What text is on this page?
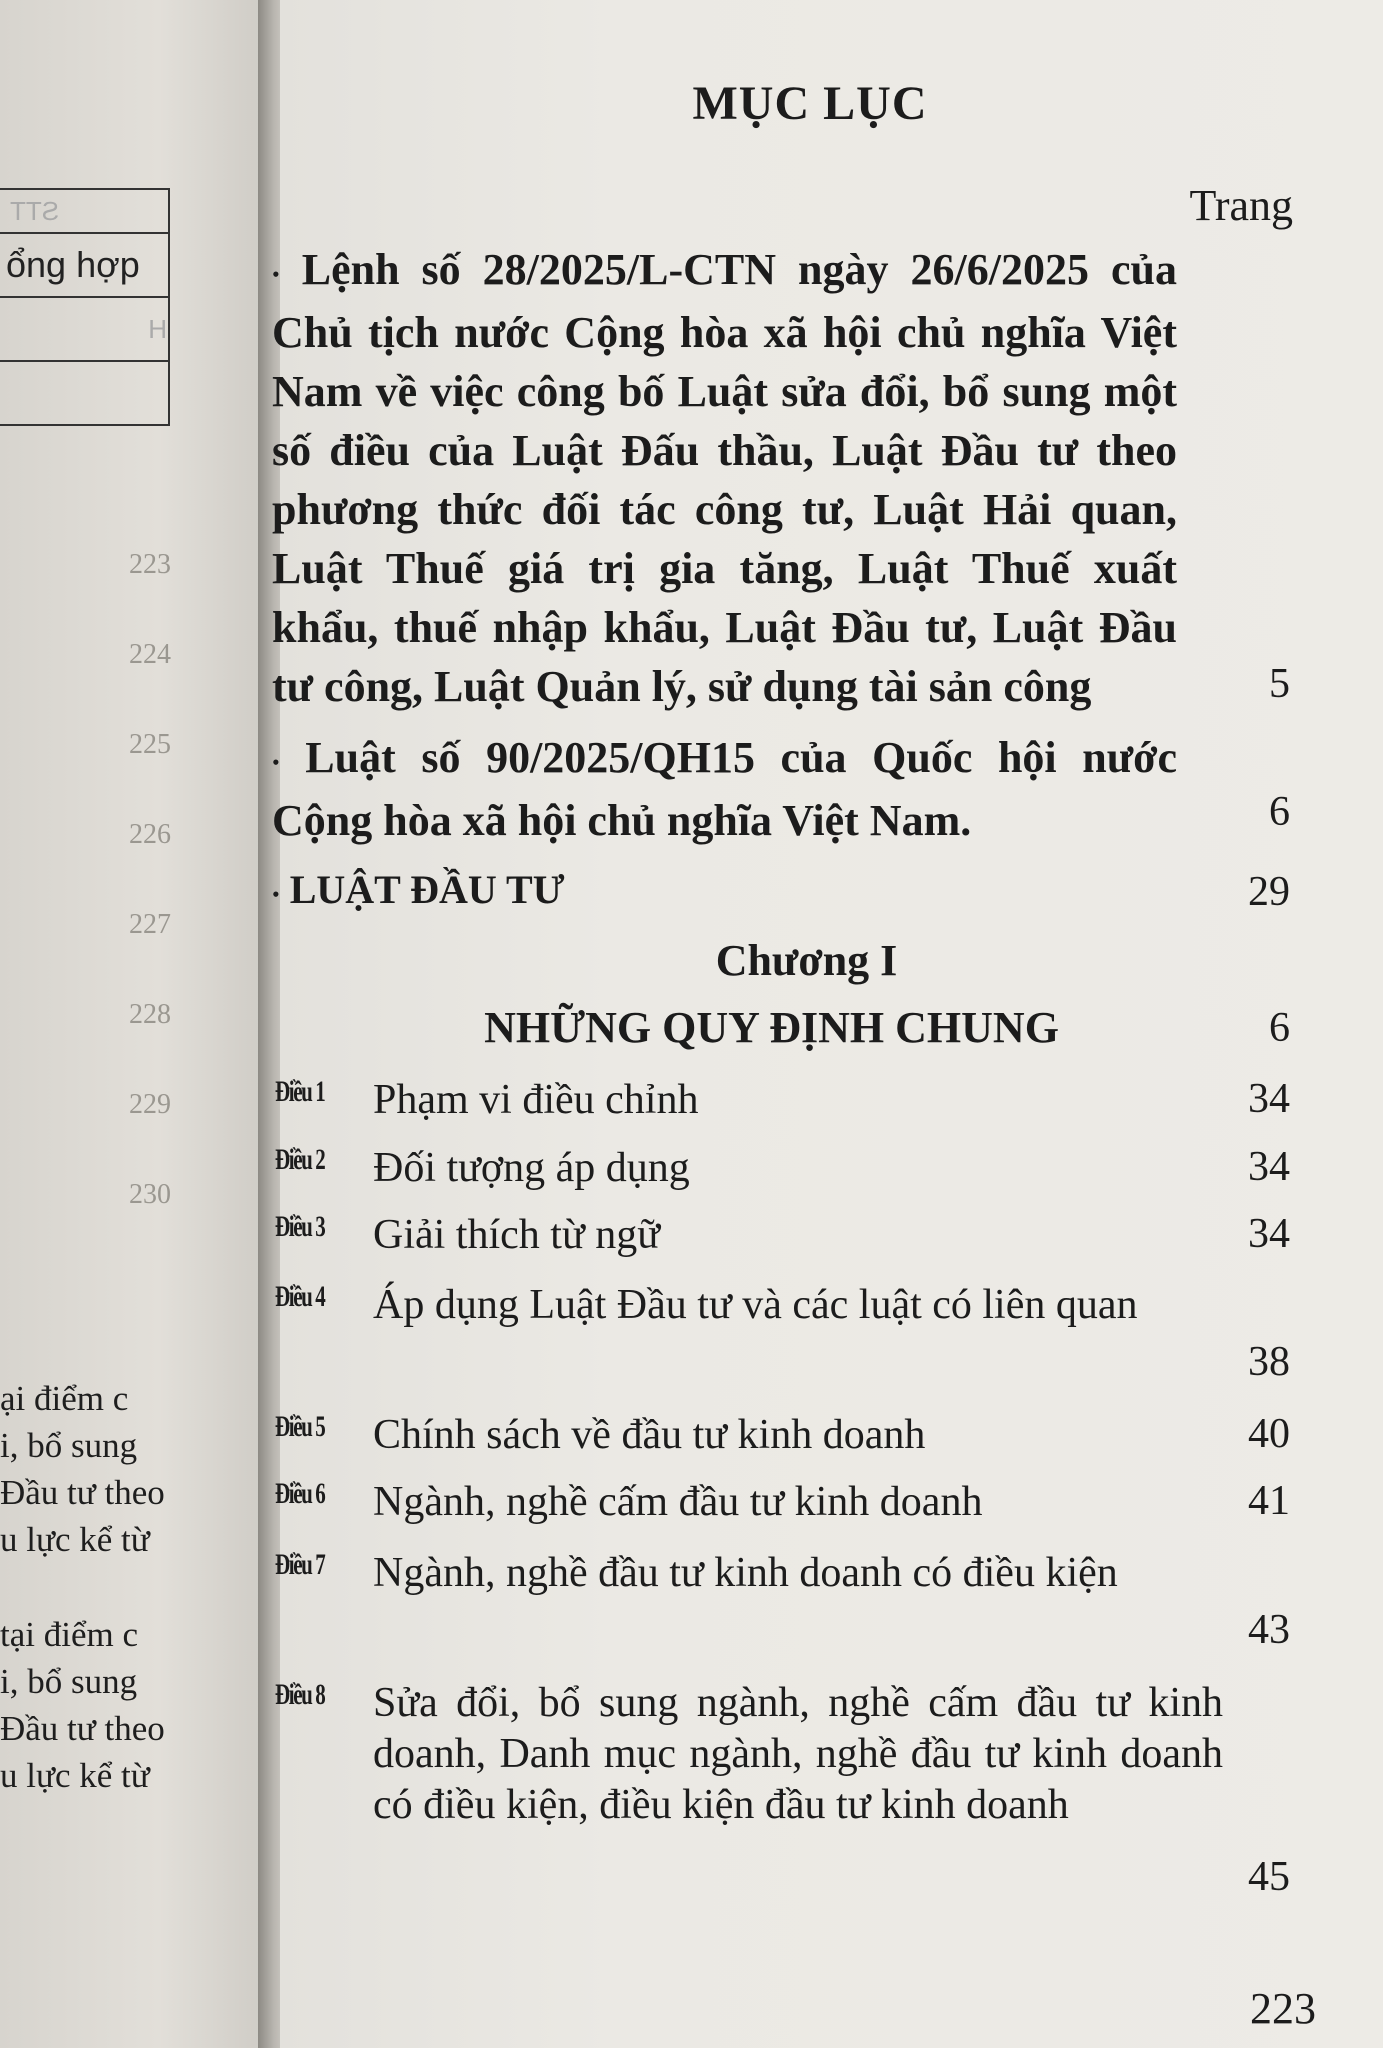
STT
ổng hợp
H

223
224
225
226
227
228
229
230
ại điểm c
i, bổ sung
Đầu tư theo
u lực kể từ
tại điểm c
i, bổ sung
Đầu tư theo
u lực kể từ
MỤC LỤC
Trang
• Lệnh số 28/2025/L-CTN ngày 26/6/2025 của Chủ tịch nước Cộng hòa xã hội chủ nghĩa Việt Nam về việc công bố Luật sửa đổi, bổ sung một số điều của Luật Đấu thầu, Luật Đầu tư theo phương thức đối tác công tư, Luật Hải quan, Luật Thuế giá trị gia tăng, Luật Thuế xuất khẩu, thuế nhập khẩu, Luật Đầu tư, Luật Đầu tư công, Luật Quản lý, sử dụng tài sản công	5
• Luật số 90/2025/QH15 của Quốc hội nước Cộng hòa xã hội chủ nghĩa Việt Nam.	6
• LUẬT ĐẦU TƯ	29
Chương I
NHỮNG QUY ĐỊNH CHUNG	6
Điều 1 Phạm vi điều chỉnh	34
Điều 2 Đối tượng áp dụng	34
Điều 3 Giải thích từ ngữ	34
Điều 4 Áp dụng Luật Đầu tư và các luật có liên quan
38
Điều 5 Chính sách về đầu tư kinh doanh	40
Điều 6 Ngành, nghề cấm đầu tư kinh doanh	41
Điều 7 Ngành, nghề đầu tư kinh doanh có điều kiện
43
Điều 8 Sửa đổi, bổ sung ngành, nghề cấm đầu tư kinh doanh, Danh mục ngành, nghề đầu tư kinh doanh có điều kiện, điều kiện đầu tư kinh doanh
45
223
